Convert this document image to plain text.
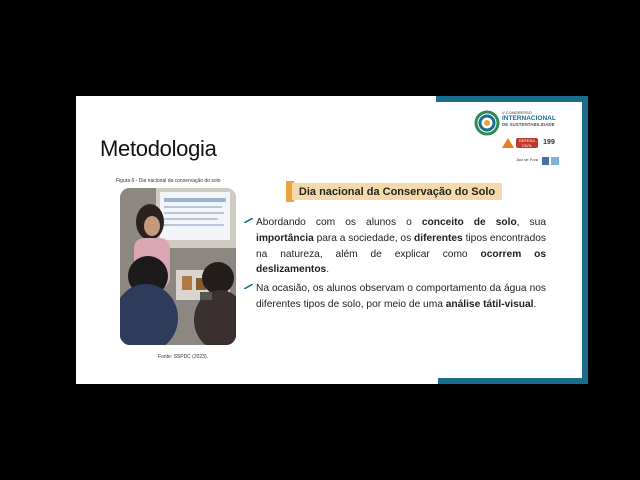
Metodologia
Figura 6 - Dia nacional da conservação do solo
Fonte: SSPDC (2023).
Dia nacional da Conservação do Solo
Abordando com os alunos o conceito de solo, sua importância para a sociedade, os diferentes tipos encontrados na natureza, além de explicar como ocorrem os deslizamentos.
Na ocasião, os alunos observam o comportamento da água nos diferentes tipos de solo, por meio de uma análise tátil-visual.
V CONGRESSO
INTERNACIONAL
DE SUSTENTABILIDADE
DEFESA CIVIL	199
Juiz de Fora
